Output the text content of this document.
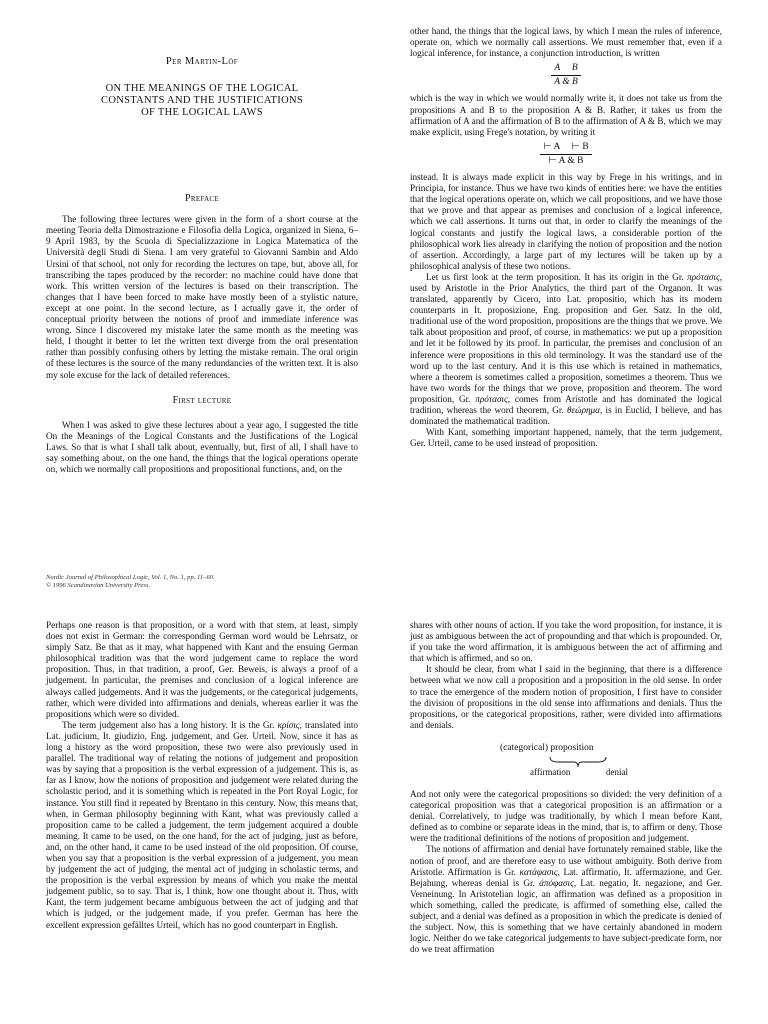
Per Martin-Löf
ON THE MEANINGS OF THE LOGICAL
CONSTANTS AND THE JUSTIFICATIONS
OF THE LOGICAL LAWS
Preface

The following three lectures were given in the form of a short course at the meeting Teoria della Dimostrazione e Filosofia della Logica, organized in Siena, 6–9 April 1983, by the Scuola di Specializzazione in Logica Matematica of the Università degli Studi di Siena. I am very grateful to Giovanni Sambin and Aldo Ursini of that school, not only for recording the lectures on tape, but, above all, for transcribing the tapes produced by the recorder: no machine could have done that work. This written version of the lectures is based on their transcription. The changes that I have been forced to make have mostly been of a stylistic nature, except at one point. In the second lecture, as I actually gave it, the order of conceptual priority between the notions of proof and immediate inference was wrong. Since I discovered my mistake later the same month as the meeting was held, I thought it better to let the written text diverge from the oral presentation rather than possibly confusing others by letting the mistake remain. The oral origin of these lectures is the source of the many redundancies of the written text. It is also my sole excuse for the lack of detailed references.

First lecture

When I was asked to give these lectures about a year ago, I suggested the title On the Meanings of the Logical Constants and the Justifications of the Logical Laws. So that is what I shall talk about, eventually, but, first of all, I shall have to say something about, on the one hand, the things that the logical operations operate on, which we normally call propositions and propositional functions, and, on the

Nordic Journal of Philosophical Logic, Vol. 1, No. 1, pp. 11–60.
© 1996 Scandinavian University Press.

other hand, the things that the logical laws, by which I mean the rules of inference, operate on, which we normally call assertions. We must remember that, even if a logical inference, for instance, a conjunction introduction, is written

$\frac{\text{A     B}}{A \& B}$

which is the way in which we would normally write it, it does not take us from the propositions A and B to the proposition A & B. Rather, it takes us from the affirmation of A and the affirmation of B to the affirmation of A & B, which we may make explicit, using Frege's notation, by writing it

$\frac{⊢ A ⊢ B}{⊢ A \& B}$

instead. It is always made explicit in this way by Frege in his writings, and in Principia, for instance. Thus we have two kinds of entities here: we have the entities that the logical operations operate on, which we call propositions, and we have those that we prove and that appear as premises and conclusion of a logical inference, which we call assertions. It turns out that, in order to clarify the meanings of the logical constants and justify the logical laws, a considerable portion of the philosophical work lies already in clarifying the notion of proposition and the notion of assertion. Accordingly, a large part of my lectures will be taken up by a philosophical analysis of these two notions.

Let us first look at the term proposition. It has its origin in the Gr. πρότασις, used by Aristotle in the Prior Analytics, the third part of the Organon. It was translated, apparently by Cicero, into Lat. propositio, which has its modern counterparts in It. proposizione, Eng. proposition and Ger. Satz. In the old, traditional use of the word proposition, propositions are the things that we prove. We talk about proposition and proof, of course, in mathematics: we put up a proposition and let it be followed by its proof. In particular, the premises and conclusion of an inference were propositions in this old terminology. It was the standard use of the word up to the last century. And it is this use which is retained in mathematics, where a theorem is sometimes called a proposition, sometimes a theorem. Thus we have two words for the things that we prove, proposition and theorem. The word proposition, Gr. πρότασις, comes from Aristotle and has dominated the logical tradition, whereas the word theorem, Gr. θεώρημα, is in Euclid, I believe, and has dominated the mathematical tradition.

With Kant, something important happened, namely, that the term judgement, Ger. Urteil, came to be used instead of proposition.

Perhaps one reason is that proposition, or a word with that stem, at least, simply does not exist in German: the corresponding German word would be Lehrsatz, or simply Satz. Be that as it may, what happened with Kant and the ensuing German philosophical tradition was that the word judgement came to replace the word proposition. Thus, in that tradition, a proof, Ger. Beweis, is always a proof of a judgement. In particular, the premises and conclusion of a logical inference are always called judgements. And it was the judgements, or the categorical judgements, rather, which were divided into affirmations and denials, whereas earlier it was the propositions which were so divided.

The term judgement also has a long history. It is the Gr. κρίσις, translated into Lat. judicium, It. giudizio, Eng. judgement, and Ger. Urteil. Now, since it has as long a history as the word proposition, these two were also previously used in parallel. The traditional way of relating the notions of judgement and proposition was by saying that a proposition is the verbal expression of a judgement. This is, as far as I know, how the notions of proposition and judgement were related during the scholastic period, and it is something which is repeated in the Port Royal Logic, for instance. You still find it repeated by Brentano in this century. Now, this means that, when, in German philosophy beginning with Kant, what was previously called a proposition came to be called a judgement, the term judgement acquired a double meaning. It came to be used, on the one hand, for the act of judging, just as before, and, on the other hand, it came to be used instead of the old proposition. Of course, when you say that a proposition is the verbal expression of a judgement, you mean by judgement the act of judging, the mental act of judging in scholastic terms, and the proposition is the verbal expression by means of which you make the mental judgement public, so to say. That is, I think, how one thought about it. Thus, with Kant, the term judgement became ambiguous between the act of judging and that which is judged, or the judgement made, if you prefer. German has here the excellent expression gefälltes Urteil, which has no good counterpart in English.

shares with other nouns of action. If you take the word proposition, for instance, it is just as ambiguous between the act of propounding and that which is propounded. Or, if you take the word affirmation, it is ambiguous between the act of affirming and that which is affirmed, and so on.

It should be clear, from what I said in the beginning, that there is a difference between what we now call a proposition and a proposition in the old sense. In order to trace the emergence of the modern notion of proposition, I first have to consider the division of propositions in the old sense into affirmations and denials. Thus the propositions, or the categorical propositions, rather, were divided into affirmations and denials.

(categorical) proposition
affirmation	denial

And not only were the categorical propositions so divided: the very definition of a categorical proposition was that a categorical proposition is an affirmation or a denial. Correlatively, to judge was traditionally, by which I mean before Kant, defined as to combine or separate ideas in the mind, that is, to affirm or deny. Those were the traditional definitions of the notions of proposition and judgement.

The notions of affirmation and denial have fortunately remained stable, like the notion of proof, and are therefore easy to use without ambiguity. Both derive from Aristotle. Affirmation is Gr. κατάφασις, Lat. affirmatio, It. affermazione, and Ger. Bejahung, whereas denial is Gr. ἀπόφασις, Lat. negatio, It. negazione, and Ger. Verneinung. In Aristotelian logic, an affirmation was defined as a proposition in which something, called the predicate, is affirmed of something else, called the subject, and a denial was defined as a proposition in which the predicate is denied of the subject. Now, this is something that we have certainly abandoned in modern logic. Neither do we take categorical judgements to have subject-predicate form, nor do we treat affirmation
